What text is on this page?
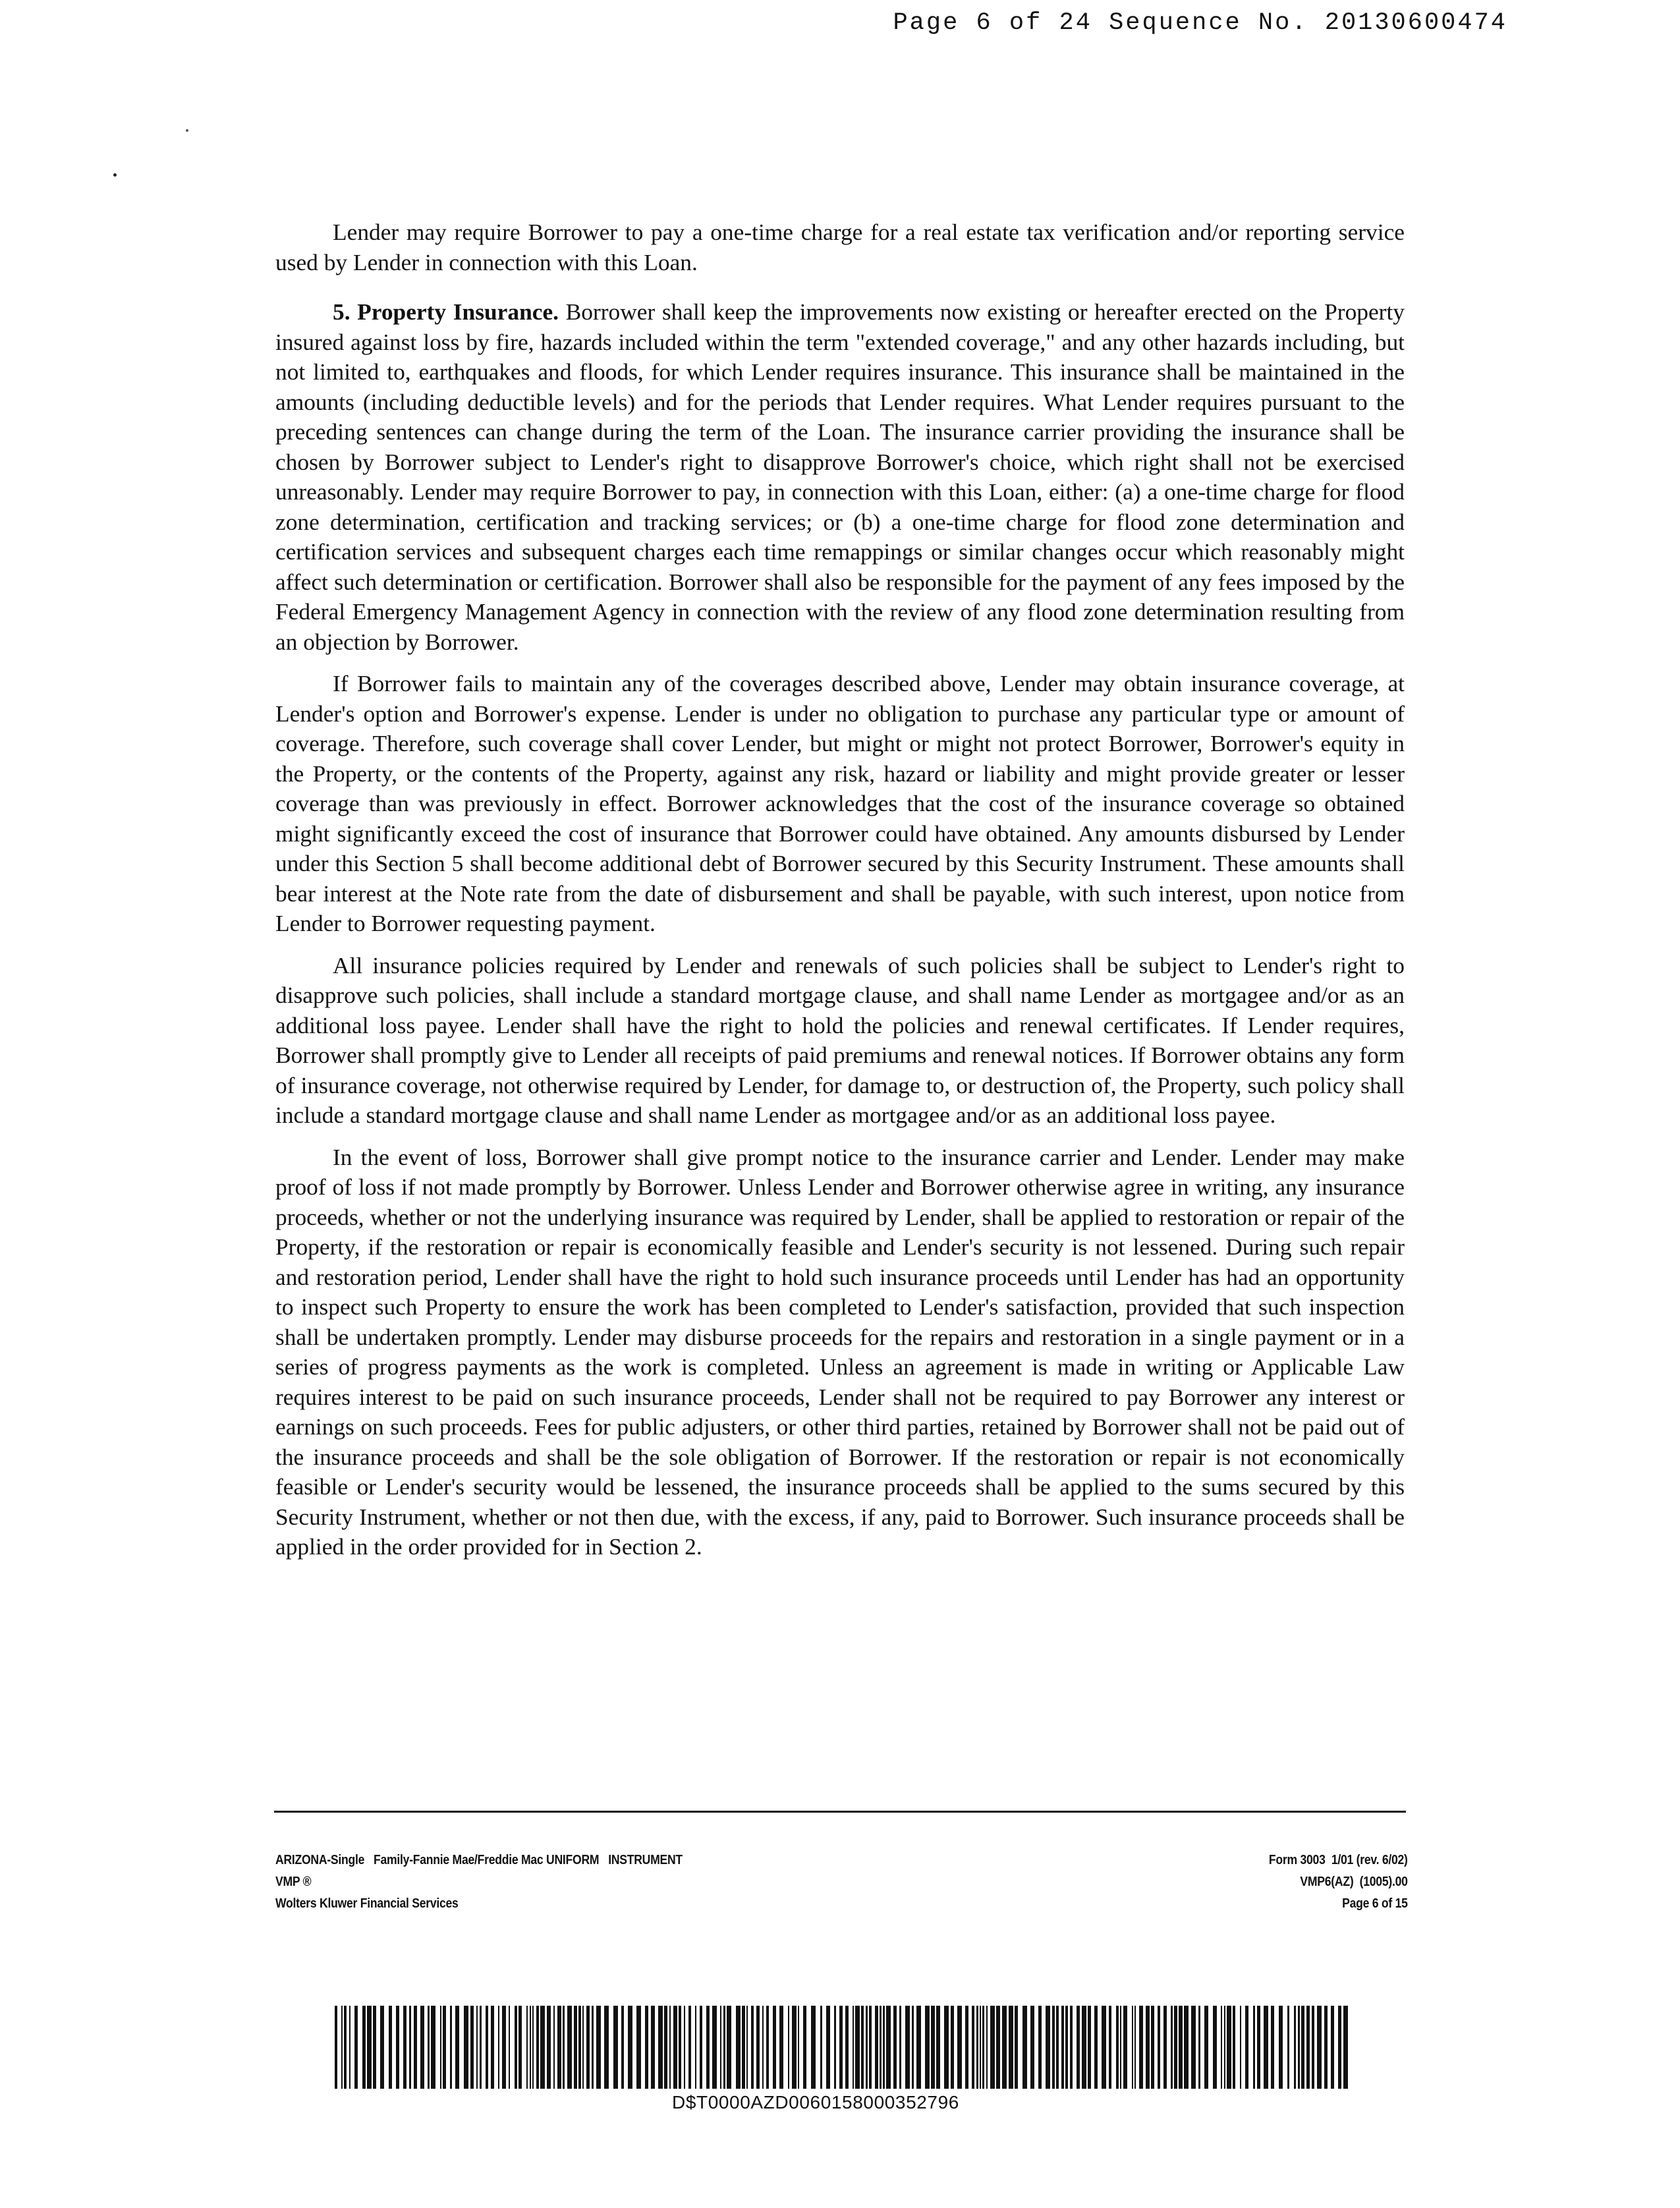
Page 6 of 24 Sequence No. 20130600474

Lender may require Borrower to pay a one-time charge for a real estate tax verification and/or reporting service used by Lender in connection with this Loan.

5. Property Insurance. Borrower shall keep the improvements now existing or hereafter erected on the Property insured against loss by fire, hazards included within the term "extended coverage," and any other hazards including, but not limited to, earthquakes and floods, for which Lender requires insurance. This insurance shall be maintained in the amounts (including deductible levels) and for the periods that Lender requires. What Lender requires pursuant to the preceding sentences can change during the term of the Loan. The insurance carrier providing the insurance shall be chosen by Borrower subject to Lender's right to disapprove Borrower's choice, which right shall not be exercised unreasonably. Lender may require Borrower to pay, in connection with this Loan, either: (a) a one-time charge for flood zone determination, certification and tracking services; or (b) a one-time charge for flood zone determination and certification services and subsequent charges each time remappings or similar changes occur which reasonably might affect such determination or certification. Borrower shall also be responsible for the payment of any fees imposed by the Federal Emergency Management Agency in connection with the review of any flood zone determination resulting from an objection by Borrower.

If Borrower fails to maintain any of the coverages described above, Lender may obtain insurance coverage, at Lender's option and Borrower's expense. Lender is under no obligation to purchase any particular type or amount of coverage. Therefore, such coverage shall cover Lender, but might or might not protect Borrower, Borrower's equity in the Property, or the contents of the Property, against any risk, hazard or liability and might provide greater or lesser coverage than was previously in effect. Borrower acknowledges that the cost of the insurance coverage so obtained might significantly exceed the cost of insurance that Borrower could have obtained. Any amounts disbursed by Lender under this Section 5 shall become additional debt of Borrower secured by this Security Instrument. These amounts shall bear interest at the Note rate from the date of disbursement and shall be payable, with such interest, upon notice from Lender to Borrower requesting payment.

All insurance policies required by Lender and renewals of such policies shall be subject to Lender's right to disapprove such policies, shall include a standard mortgage clause, and shall name Lender as mortgagee and/or as an additional loss payee. Lender shall have the right to hold the policies and renewal certificates. If Lender requires, Borrower shall promptly give to Lender all receipts of paid premiums and renewal notices. If Borrower obtains any form of insurance coverage, not otherwise required by Lender, for damage to, or destruction of, the Property, such policy shall include a standard mortgage clause and shall name Lender as mortgagee and/or as an additional loss payee.

In the event of loss, Borrower shall give prompt notice to the insurance carrier and Lender. Lender may make proof of loss if not made promptly by Borrower. Unless Lender and Borrower otherwise agree in writing, any insurance proceeds, whether or not the underlying insurance was required by Lender, shall be applied to restoration or repair of the Property, if the restoration or repair is economically feasible and Lender's security is not lessened. During such repair and restoration period, Lender shall have the right to hold such insurance proceeds until Lender has had an opportunity to inspect such Property to ensure the work has been completed to Lender's satisfaction, provided that such inspection shall be undertaken promptly. Lender may disburse proceeds for the repairs and restoration in a single payment or in a series of progress payments as the work is completed. Unless an agreement is made in writing or Applicable Law requires interest to be paid on such insurance proceeds, Lender shall not be required to pay Borrower any interest or earnings on such proceeds. Fees for public adjusters, or other third parties, retained by Borrower shall not be paid out of the insurance proceeds and shall be the sole obligation of Borrower. If the restoration or repair is not economically feasible or Lender's security would be lessened, the insurance proceeds shall be applied to the sums secured by this Security Instrument, whether or not then due, with the excess, if any, paid to Borrower. Such insurance proceeds shall be applied in the order provided for in Section 2.

ARIZONA-Single   Family-Fannie Mae/Freddie Mac UNIFORM   INSTRUMENT
VMP ®
Wolters Kluwer Financial Services
Form 3003  1/01 (rev. 6/02)
VMP6(AZ)  (1005).00
Page 6 of 15
D$T0000AZD0060158000352796
